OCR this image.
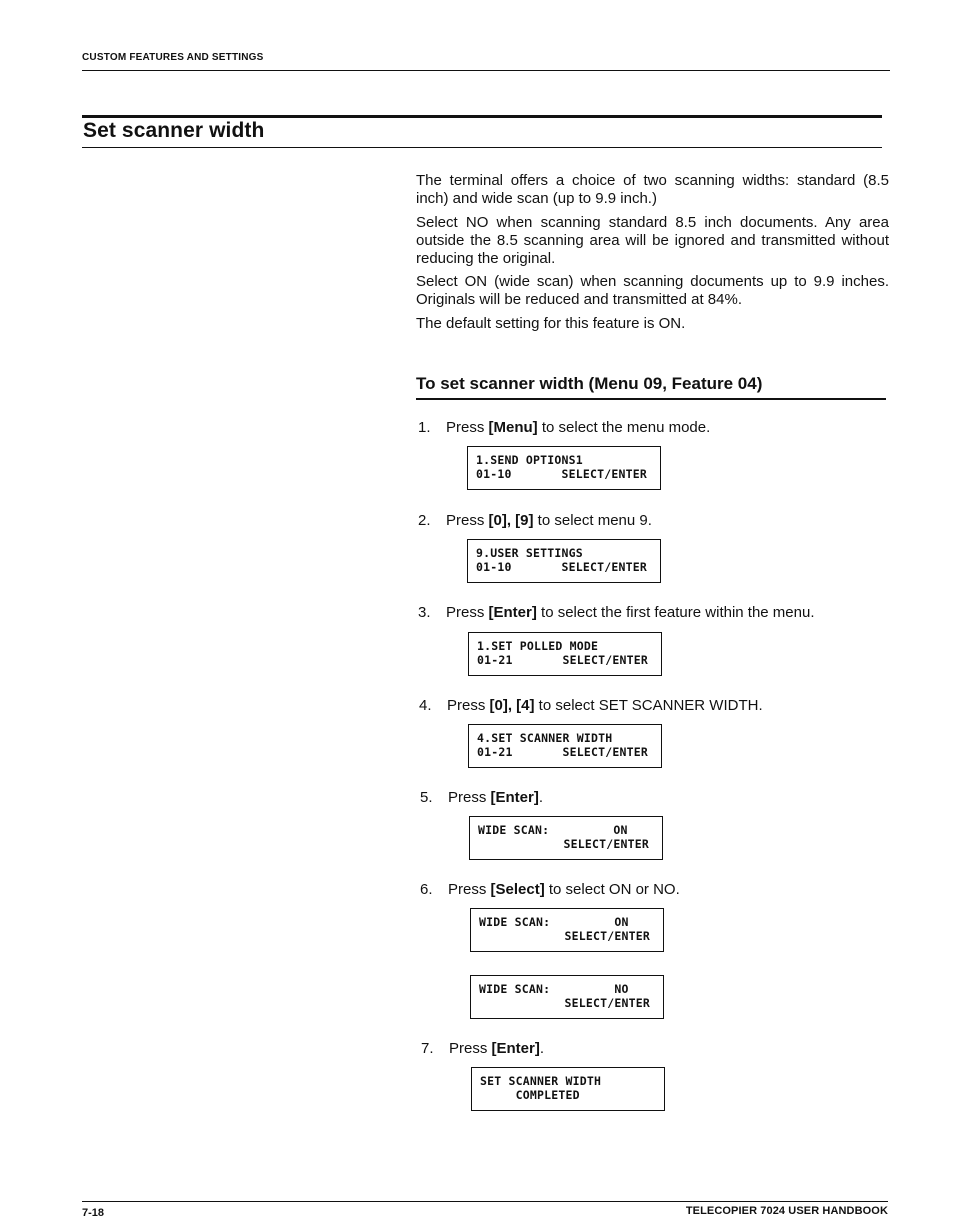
CUSTOM FEATURES AND SETTINGS
Set scanner width
The terminal offers a choice of two scanning widths: standard (8.5 inch) and wide scan (up to 9.9 inch.)
Select NO when scanning standard 8.5 inch documents. Any area outside the 8.5 scanning area will be ignored and transmitted without reducing the original.
Select ON (wide scan) when scanning documents up to 9.9 inches. Originals will be reduced and transmitted at 84%.
The default setting for this feature is ON.
To set scanner width (Menu 09, Feature 04)
1. Press [Menu] to select the menu mode.
1.SEND OPTIONS1
01-10       SELECT/ENTER
2. Press [0], [9] to select menu 9.
9.USER SETTINGS
01-10       SELECT/ENTER
3. Press [Enter] to select the first feature within the menu.
1.SET POLLED MODE
01-21       SELECT/ENTER
4. Press [0], [4] to select SET SCANNER WIDTH.
4.SET SCANNER WIDTH
01-21       SELECT/ENTER
5. Press [Enter].
WIDE SCAN:         ON
SELECT/ENTER
6. Press [Select] to select ON or NO.
WIDE SCAN:         ON
SELECT/ENTER
WIDE SCAN:         NO
SELECT/ENTER
7. Press [Enter].
SET SCANNER WIDTH
COMPLETED
7-18	TELECOPIER 7024 USER HANDBOOK
